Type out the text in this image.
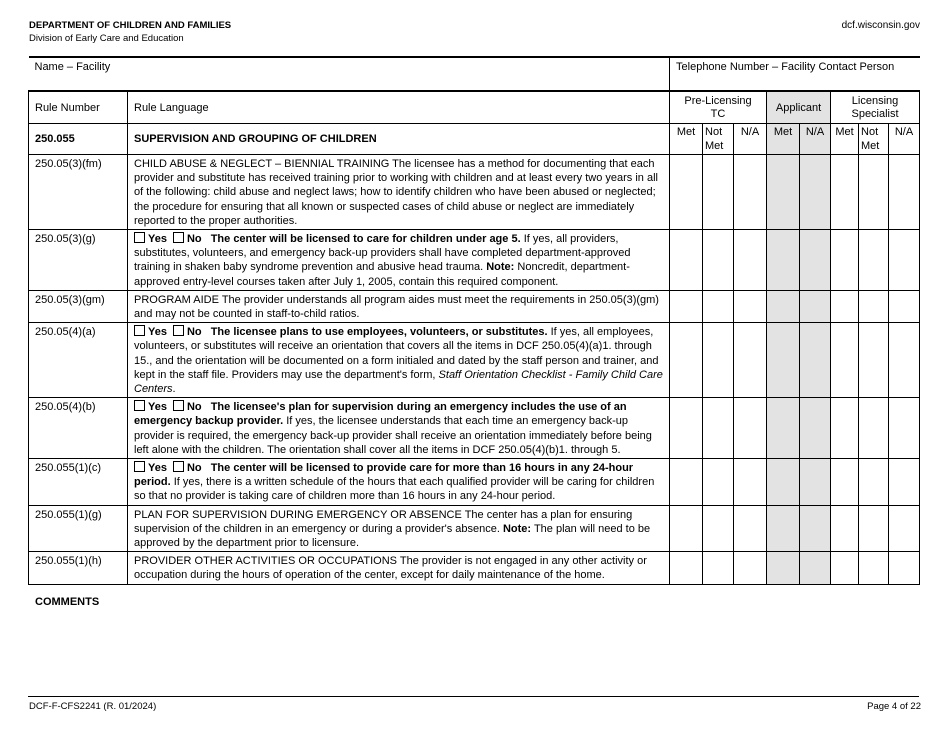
DEPARTMENT OF CHILDREN AND FAMILIES
Division of Early Care and Education
dcf.wisconsin.gov
Name – Facility		Telephone Number – Facility Contact Person							
Rule Number	Rule Language	Pre-Licensing TC			Applicant		Licensing Specialist		
250.055	SUPERVISION AND GROUPING OF CHILDREN	Met	Not Met	N/A	Met	N/A	Met	Not Met	N/A
250.05(3)(fm)	CHILD ABUSE & NEGLECT – BIENNIAL TRAINING The licensee has a method for documenting that each provider and substitute has received training prior to working with children and at least every two years in all of the following: child abuse and neglect laws; how to identify children who have been abused or neglected; the procedure for ensuring that all known or suspected cases of child abuse or neglect are immediately reported to the proper authorities.								
250.05(3)(g)	Yes No The center will be licensed to care for children under age 5. If yes, all providers, substitutes, volunteers, and emergency back-up providers shall have completed department-approved training in shaken baby syndrome prevention and abusive head trauma. Note: Noncredit, department-approved entry-level courses taken after July 1, 2005, contain this required component.								
250.05(3)(gm)	PROGRAM AIDE The provider understands all program aides must meet the requirements in 250.05(3)(gm) and may not be counted in staff-to-child ratios.								
250.05(4)(a)	Yes No The licensee plans to use employees, volunteers, or substitutes. If yes, all employees, volunteers, or substitutes will receive an orientation that covers all the items in DCF 250.05(4)(a)1. through 15., and the orientation will be documented on a form initialed and dated by the staff person and trainer, and kept in the staff file. Providers may use the department's form, Staff Orientation Checklist - Family Child Care Centers.								
250.05(4)(b)	Yes No The licensee's plan for supervision during an emergency includes the use of an emergency backup provider. If yes, the licensee understands that each time an emergency back-up provider is required, the emergency back-up provider shall receive an orientation immediately before being left alone with the children. The orientation shall cover all the items in DCF 250.05(4)(b)1. through 5.								
250.055(1)(c)	Yes No The center will be licensed to provide care for more than 16 hours in any 24-hour period. If yes, there is a written schedule of the hours that each qualified provider will be caring for children so that no provider is taking care of children more than 16 hours in any 24-hour period.								
250.055(1)(g)	PLAN FOR SUPERVISION DURING EMERGENCY OR ABSENCE The center has a plan for ensuring supervision of the children in an emergency or during a provider's absence. Note: The plan will need to be approved by the department prior to licensure.								
250.055(1)(h)	PROVIDER OTHER ACTIVITIES OR OCCUPATIONS The provider is not engaged in any other activity or occupation during the hours of operation of the center, except for daily maintenance of the home.								
COMMENTS
DCF-F-CFS2241 (R. 01/2024)	Page 4 of 22
